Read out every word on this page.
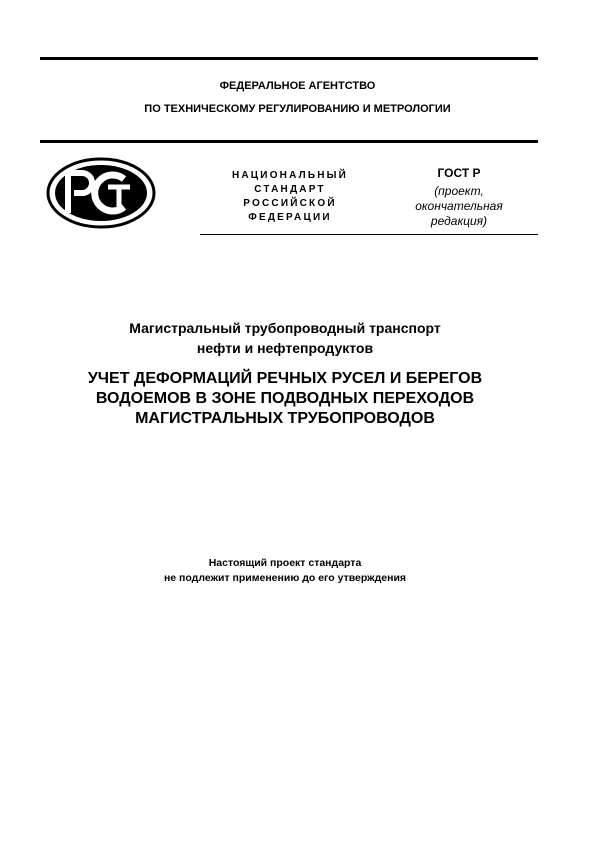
ФЕДЕРАЛЬНОЕ АГЕНТСТВО
ПО ТЕХНИЧЕСКОМУ РЕГУЛИРОВАНИЮ И МЕТРОЛОГИИ
НАЦИОНАЛЬНЫЙ
СТАНДАРТ
РОССИЙСКОЙ
ФЕДЕРАЦИИ
ГОСТ Р
(проект,
окончательная
редакция)
Магистральный трубопроводный транспорт
нефти и нефтепродуктов
УЧЕТ ДЕФОРМАЦИЙ РЕЧНЫХ РУСЕЛ И БЕРЕГОВ
ВОДОЕМОВ В ЗОНЕ ПОДВОДНЫХ ПЕРЕХОДОВ
МАГИСТРАЛЬНЫХ ТРУБОПРОВОДОВ
Настоящий проект стандарта
не подлежит применению до его утверждения
